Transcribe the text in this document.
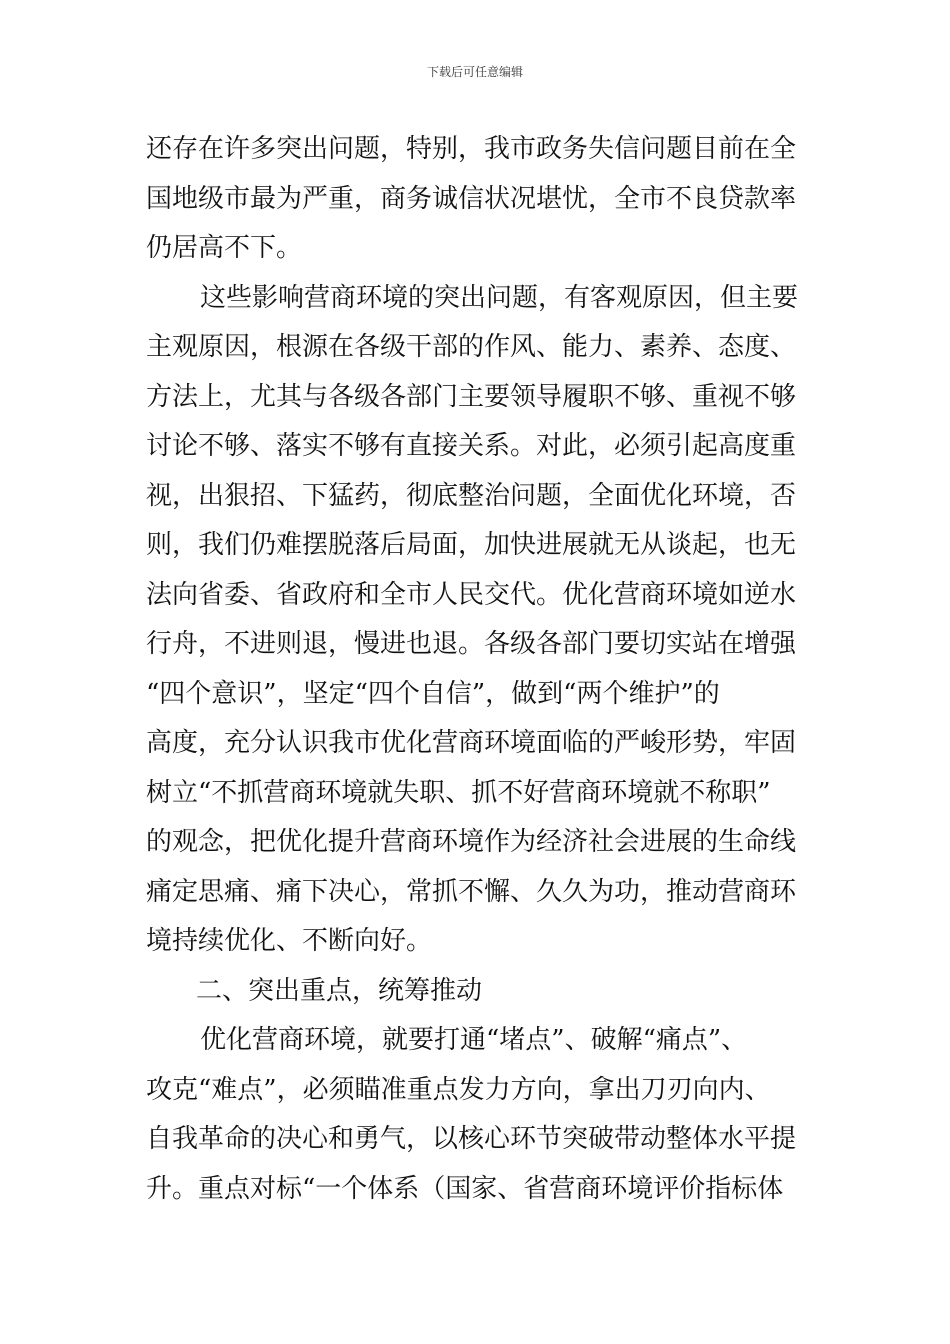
下载后可任意编辑
还存在许多突出问题，特别，我市政务失信问题目前在全
国地级市最为严重，商务诚信状况堪忧，全市不良贷款率
仍居高不下。
这些影响营商环境的突出问题，有客观原因，但主要
主观原因，根源在各级干部的作风、能力、素养、态度、
方法上，尤其与各级各部门主要领导履职不够、重视不够
讨论不够、落实不够有直接关系。对此，必须引起高度重
视，出狠招、下猛药，彻底整治问题，全面优化环境，否
则，我们仍难摆脱落后局面，加快进展就无从谈起，也无
法向省委、省政府和全市人民交代。优化营商环境如逆水
行舟，不进则退，慢进也退。各级各部门要切实站在增强
“四个意识”，坚定“四个自信”，做到“两个维护”的
高度，充分认识我市优化营商环境面临的严峻形势，牢固
树立“不抓营商环境就失职、抓不好营商环境就不称职”
的观念，把优化提升营商环境作为经济社会进展的生命线
痛定思痛、痛下决心，常抓不懈、久久为功，推动营商环
境持续优化、不断向好。
二、突出重点，统筹推动
优化营商环境，就要打通“堵点”、破解“痛点”、
攻克“难点”，必须瞄准重点发力方向，拿出刀刃向内、
自我革命的决心和勇气，以核心环节突破带动整体水平提
升。重点对标“一个体系（国家、省营商环境评价指标体
